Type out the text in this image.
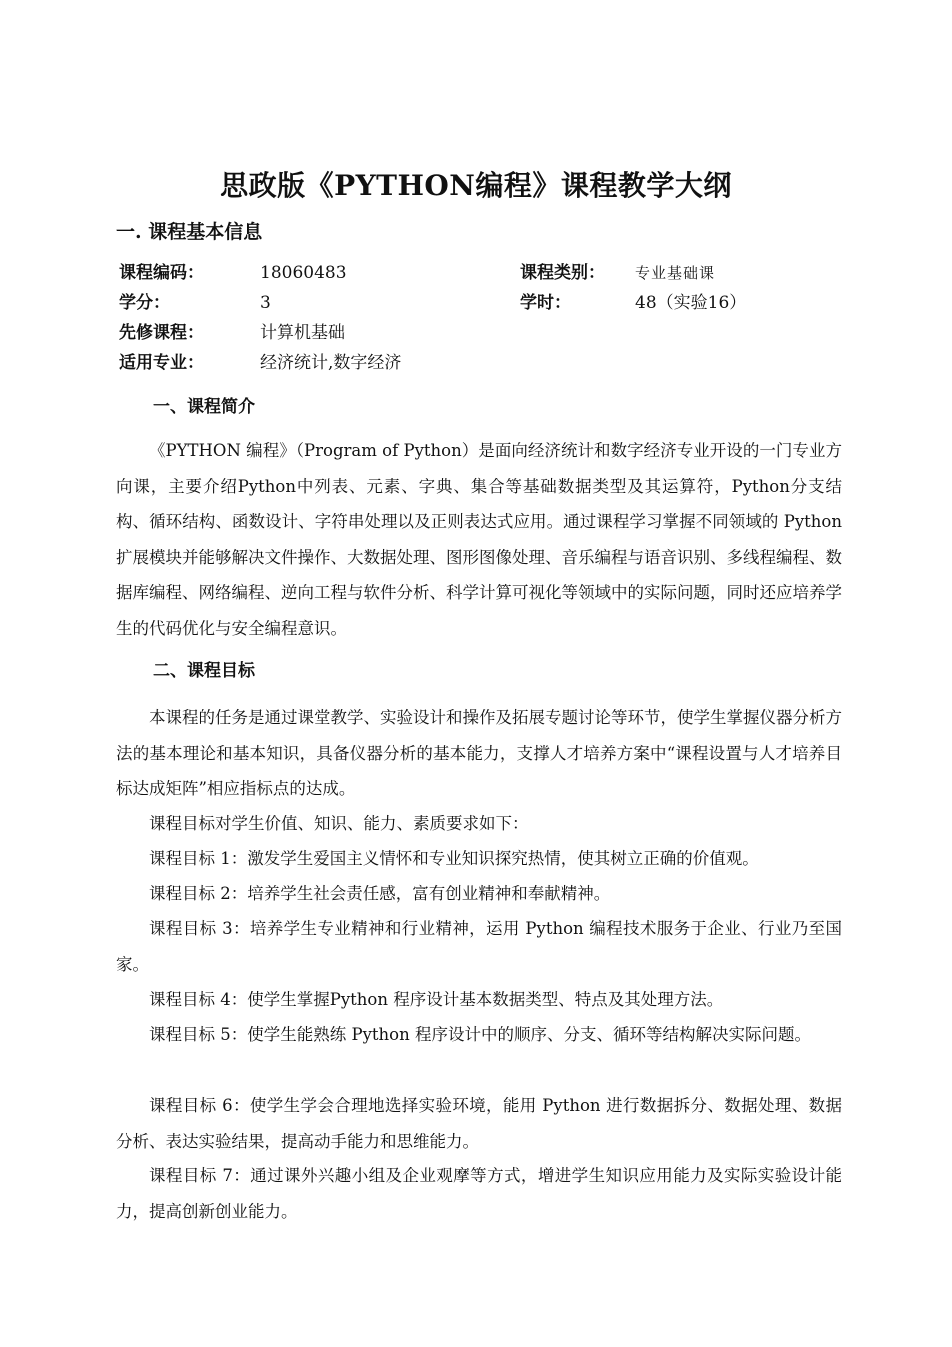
思政版《PYTHON编程》课程教学大纲
一. 课程基本信息
课程编码：	18060483	课程类别： 专业基础课
学分：	3	学时：	48（实验16）
先修课程：	计算机基础
适用专业：	经济统计,数字经济
一、课程简介

《PYTHON 编程》（Program of Python）是面向经济统计和数字经济专业开设的一门专业方向课，主要介绍Python中列表、元素、字典、集合等基础数据类型及其运算符，Python分支结构、循环结构、函数设计、字符串处理以及正则表达式应用。通过课程学习掌握不同领域的 Python 扩展模块并能够解决文件操作、大数据处理、图形图像处理、音乐编程与语音识别、多线程编程、数据库编程、网络编程、逆向工程与软件分析、科学计算可视化等领域中的实际问题，同时还应培养学生的代码优化与安全编程意识。

二、课程目标

本课程的任务是通过课堂教学、实验设计和操作及拓展专题讨论等环节，使学生掌握仪器分析方法的基本理论和基本知识，具备仪器分析的基本能力，支撑人才培养方案中“课程设置与人才培养目标达成矩阵”相应指标点的达成。

课程目标对学生价值、知识、能力、素质要求如下：

课程目标 1：激发学生爱国主义情怀和专业知识探究热情，使其树立正确的价值观。

课程目标 2：培养学生社会责任感，富有创业精神和奉献精神。

课程目标 3：培养学生专业精神和行业精神，运用 Python 编程技术服务于企业、行业乃至国家。

课程目标 4：使学生掌握Python 程序设计基本数据类型、特点及其处理方法。

课程目标 5：使学生能熟练 Python 程序设计中的顺序、分支、循环等结构解决实际问题。

课程目标 6：使学生学会合理地选择实验环境，能用 Python 进行数据拆分、数据处理、数据分析、表达实验结果，提高动手能力和思维能力。

课程目标 7：通过课外兴趣小组及企业观摩等方式，增进学生知识应用能力及实际实验设计能力，提高创新创业能力。
